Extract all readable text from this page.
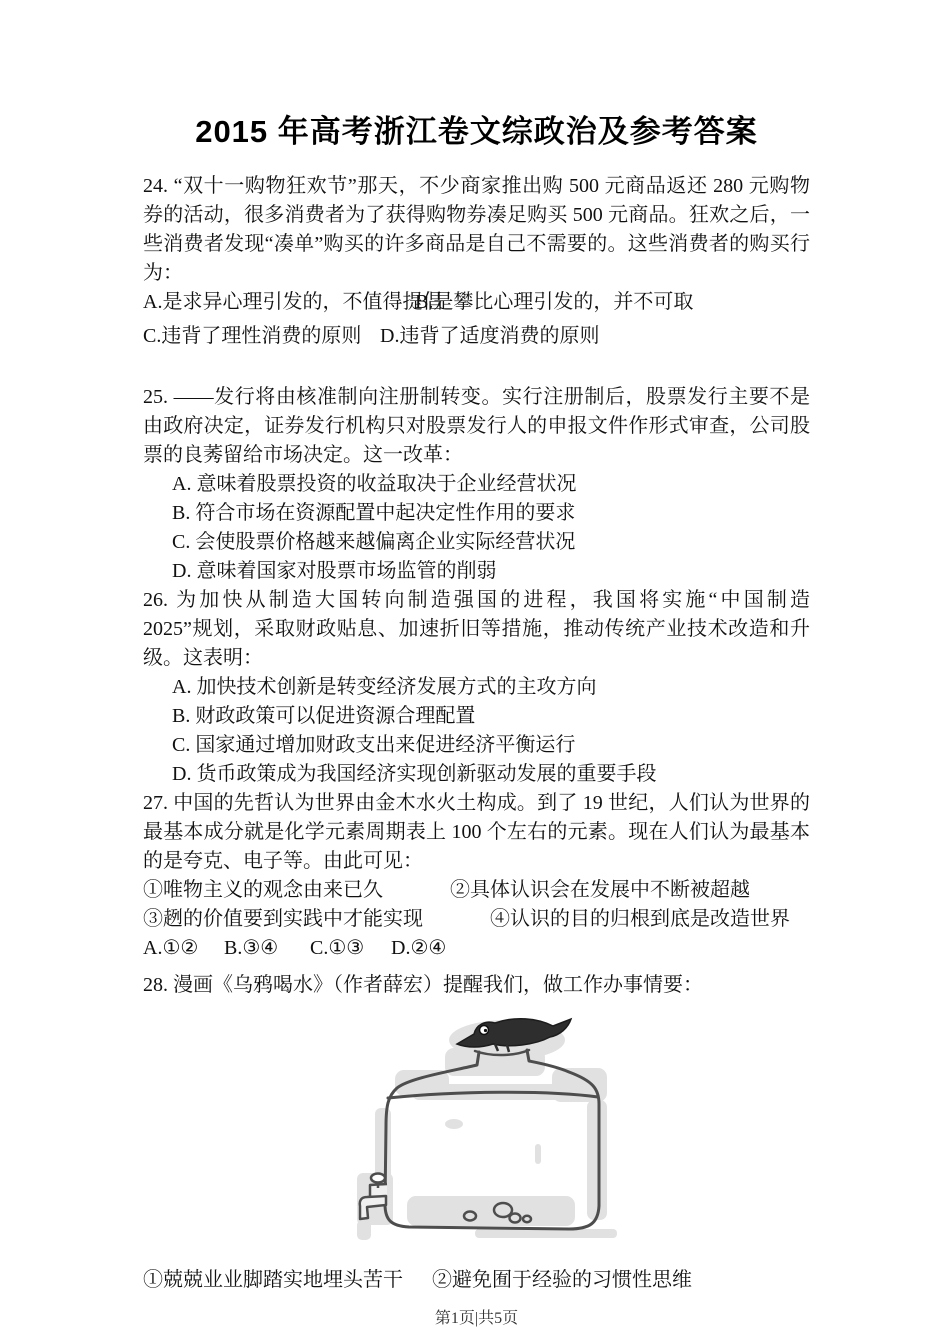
2015 年高考浙江卷文综政治及参考答案

24. “双十一购物狂欢节”那天，不少商家推出购 500 元商品返还 280 元购物券的活动，很多消费者为了获得购物券凑足购买 500 元商品。狂欢之后，一些消费者发现“凑单”购买的许多商品是自己不需要的。这些消费者的购买行为：

A.是求异心理引发的，不值得提倡
B.是攀比心理引发的，并不可取
C.违背了理性消费的原则 D.违背了适度消费的原则

25. ——发行将由核准制向注册制转变。实行注册制后，股票发行主要不是由政府决定，证券发行机构只对股票发行人的申报文件作形式审查，公司股票的良莠留给市场决定。这一改革：

A. 意味着股票投资的收益取决于企业经营状况

B. 符合市场在资源配置中起决定性作用的要求

C. 会使股票价格越来越偏离企业实际经营状况

D. 意味着国家对股票市场监管的削弱

26. 为加快从制造大国转向制造强国的进程，我国将实施“中国制造　2025”规划，采取财政贴息、加速折旧等措施，推动传统产业技术改造和升级。这表明：

A. 加快技术创新是转变经济发展方式的主攻方向

B. 财政政策可以促进资源合理配置

C. 国家通过增加财政支出来促进经济平衡运行

D. 货币政策成为我国经济实现创新驱动发展的重要手段

27. 中国的先哲认为世界由金木水火土构成。到了 19 世纪，人们认为世界的最基本成分就是化学元素周期表上 100 个左右的元素。现在人们认为最基本的是夸克、电子等。由此可见：

①唯物主义的观念由来已久	②具体认识会在发展中不断被超越
③趔的价值要到实践中才能实现	④认识的目的归根到底是改造世界
A.①②	B.③④	C.①③	D.②④

28. 漫画《乌鸦喝水》（作者薛宏）提醒我们，做工作办事情要：

①兢兢业业脚踏实地埋头苦干	②避免囿于经验的习惯性思维
第1页|共5页
